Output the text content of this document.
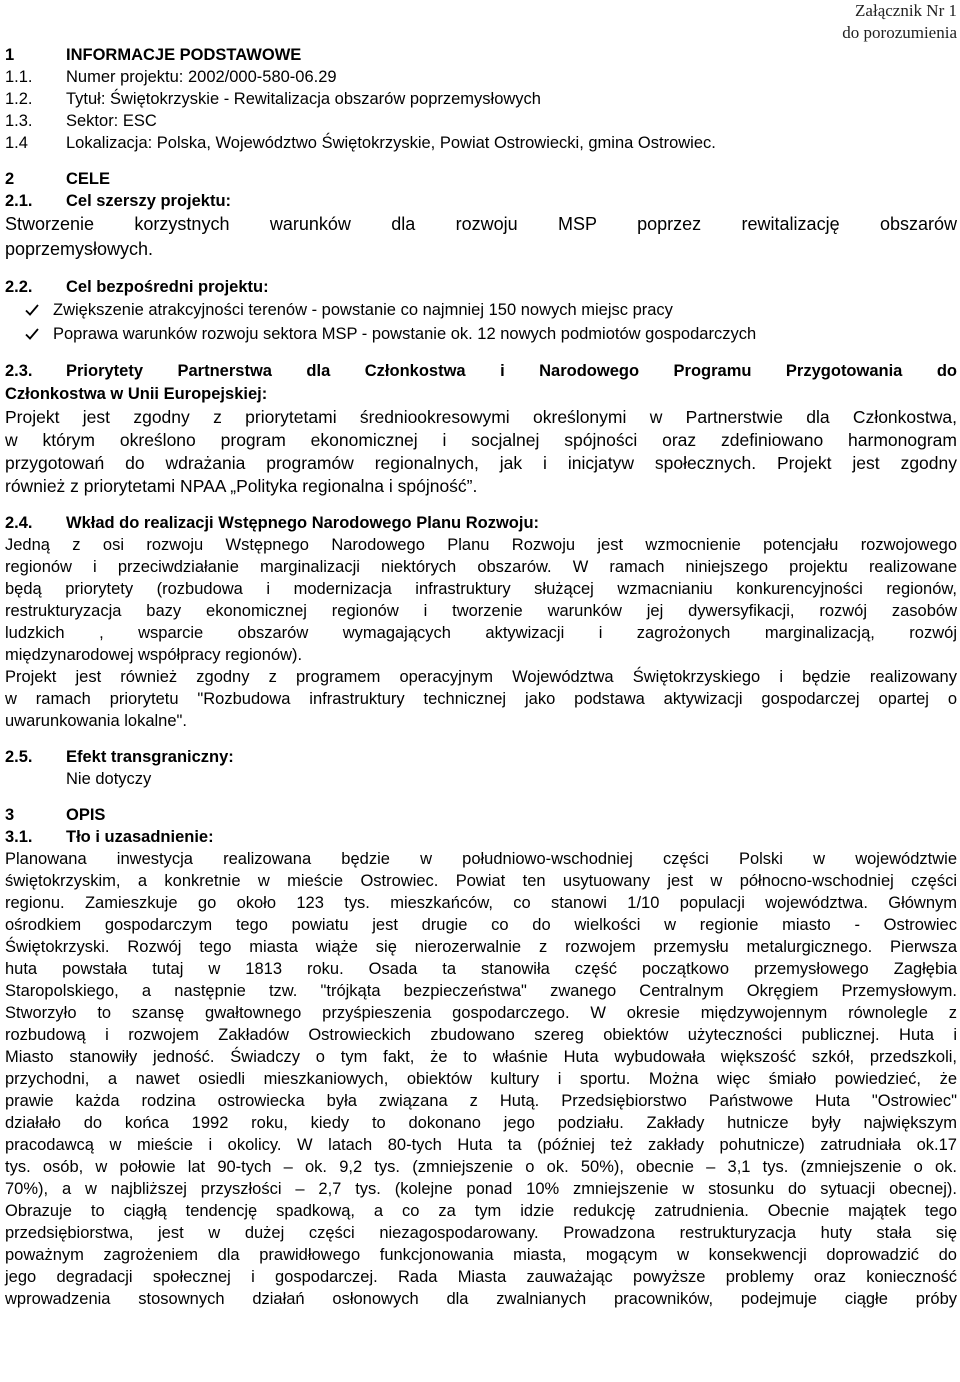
Załącznik Nr 1
do porozumienia
1	INFORMACJE PODSTAWOWE
1.1.	Numer projektu: 2002/000-580-06.29
1.2.	Tytuł: Świętokrzyskie - Rewitalizacja obszarów poprzemysłowych
1.3.	Sektor: ESC
1.4	Lokalizacja: Polska, Województwo Świętokrzyskie, Powiat Ostrowiecki, gmina Ostrowiec.
2	CELE
2.1.	Cel szerszy projektu:

Stworzenie korzystnych warunków dla rozwoju MSP poprzez rewitalizację obszarów

poprzemysłowych.

2.2.	Cel bezpośredni projektu:
Zwiększenie atrakcyjności terenów - powstanie co najmniej 150 nowych miejsc pracy
Poprawa warunków rozwoju sektora MSP - powstanie ok. 12 nowych podmiotów gospodarczych
2.3.	Priorytety Partnerstwa dla Członkostwa i Narodowego Programu Przygotowania do

Członkostwa w Unii Europejskiej:

Projekt jest zgodny z priorytetami średniookresowymi określonymi w Partnerstwie dla Członkostwa,

w którym określono program ekonomicznej i socjalnej spójności oraz zdefiniowano harmonogram

przygotowań do wdrażania programów regionalnych, jak i inicjatyw społecznych. Projekt jest zgodny

również z priorytetami NPAA „Polityka regionalna i spójność”.

2.4.	Wkład do realizacji Wstępnego Narodowego Planu Rozwoju:

Jedną z osi rozwoju Wstępnego Narodowego Planu Rozwoju jest wzmocnienie potencjału rozwojowego

regionów i przeciwdziałanie marginalizacji niektórych obszarów. W ramach niniejszego projektu realizowane

będą priorytety (rozbudowa i modernizacja infrastruktury służącej wzmacnianiu konkurencyjności regionów,

restrukturyzacja bazy ekonomicznej regionów i tworzenie warunków jej dywersyfikacji, rozwój zasobów

ludzkich , wsparcie obszarów wymagających aktywizacji i zagrożonych marginalizacją, rozwój

międzynarodowej współpracy regionów).

Projekt jest również zgodny z programem operacyjnym Województwa Świętokrzyskiego i będzie realizowany

w ramach priorytetu "Rozbudowa infrastruktury technicznej jako podstawa aktywizacji gospodarczej opartej o

uwarunkowania lokalne".

2.5.	Efekt transgraniczny:
Nie dotyczy
3	OPIS
3.1.	Tło i uzasadnienie:

Planowana inwestycja realizowana będzie w południowo-wschodniej części Polski w województwie

świętokrzyskim, a konkretnie w mieście Ostrowiec. Powiat ten usytuowany jest w północno-wschodniej części

regionu. Zamieszkuje go około 123 tys. mieszkańców, co stanowi 1/10 populacji województwa. Głównym

ośrodkiem gospodarczym tego powiatu jest drugie co do wielkości w regionie miasto - Ostrowiec

Świętokrzyski. Rozwój tego miasta wiąże się nierozerwalnie z rozwojem przemysłu metalurgicznego. Pierwsza

huta powstała tutaj w 1813 roku. Osada ta stanowiła część początkowo przemysłowego Zagłębia

Staropolskiego, a następnie tzw. "trójkąta bezpieczeństwa" zwanego Centralnym Okręgiem Przemysłowym.

Stworzyło to szansę gwałtownego przyśpieszenia gospodarczego. W okresie międzywojennym równolegle z

rozbudową i rozwojem Zakładów Ostrowieckich zbudowano szereg obiektów użyteczności publicznej. Huta i

Miasto stanowiły jedność. Świadczy o tym fakt, że to właśnie Huta wybudowała większość szkół, przedszkoli,

przychodni, a nawet osiedli mieszkaniowych, obiektów kultury i sportu. Można więc śmiało powiedzieć, że

prawie każda rodzina ostrowiecka była związana z Hutą. Przedsiębiorstwo Państwowe Huta "Ostrowiec"

działało do końca 1992 roku, kiedy to dokonano jego podziału. Zakłady hutnicze były największym

pracodawcą w mieście i okolicy. W latach 80-tych Huta ta (później też zakłady pohutnicze) zatrudniała ok.17

tys. osób, w połowie lat 90-tych – ok. 9,2 tys. (zmniejszenie o ok. 50%), obecnie – 3,1 tys. (zmniejszenie o ok.

70%), a w najbliższej przyszłości – 2,7 tys. (kolejne ponad 10% zmniejszenie w stosunku do sytuacji obecnej).

Obrazuje to ciągłą tendencję spadkową, a co za tym idzie redukcję zatrudnienia. Obecnie majątek tego

przedsiębiorstwa, jest w dużej części niezagospodarowany. Prowadzona restrukturyzacja huty stała się

poważnym zagrożeniem dla prawidłowego funkcjonowania miasta, mogącym w konsekwencji doprowadzić do

jego degradacji społecznej i gospodarczej. Rada Miasta zauważając powyższe problemy oraz konieczność

wprowadzenia stosownych działań osłonowych dla zwalnianych pracowników, podejmuje ciągłe próby
